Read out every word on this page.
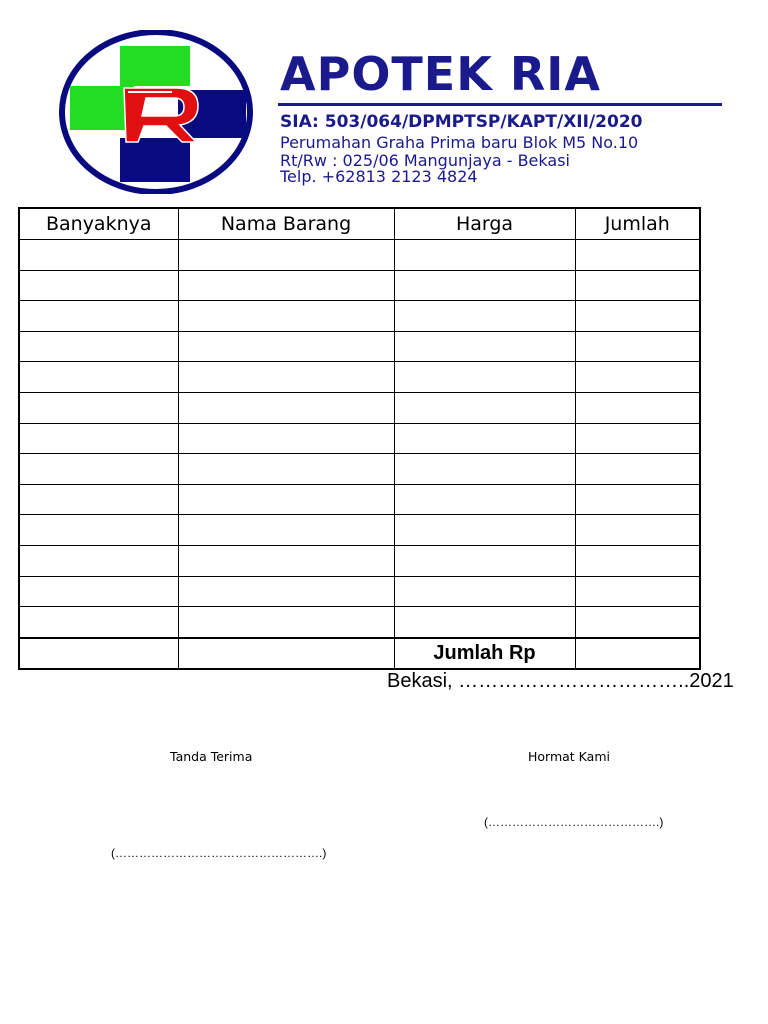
APOTEK RIA
SIA: 503/064/DPMPTSP/KAPT/XII/2020
Perumahan Graha Prima baru Blok M5 No.10
Rt/Rw : 025/06 Mangunjaya - Bekasi
Telp. +62813 2123 4824
Banyaknya	Nama Barang	Harga	Jumlah

		Jumlah Rp	
Bekasi, ……………………………..2021
Tanda Terima	Hormat Kami
(…………………………………….)
(…………………………………………….)
